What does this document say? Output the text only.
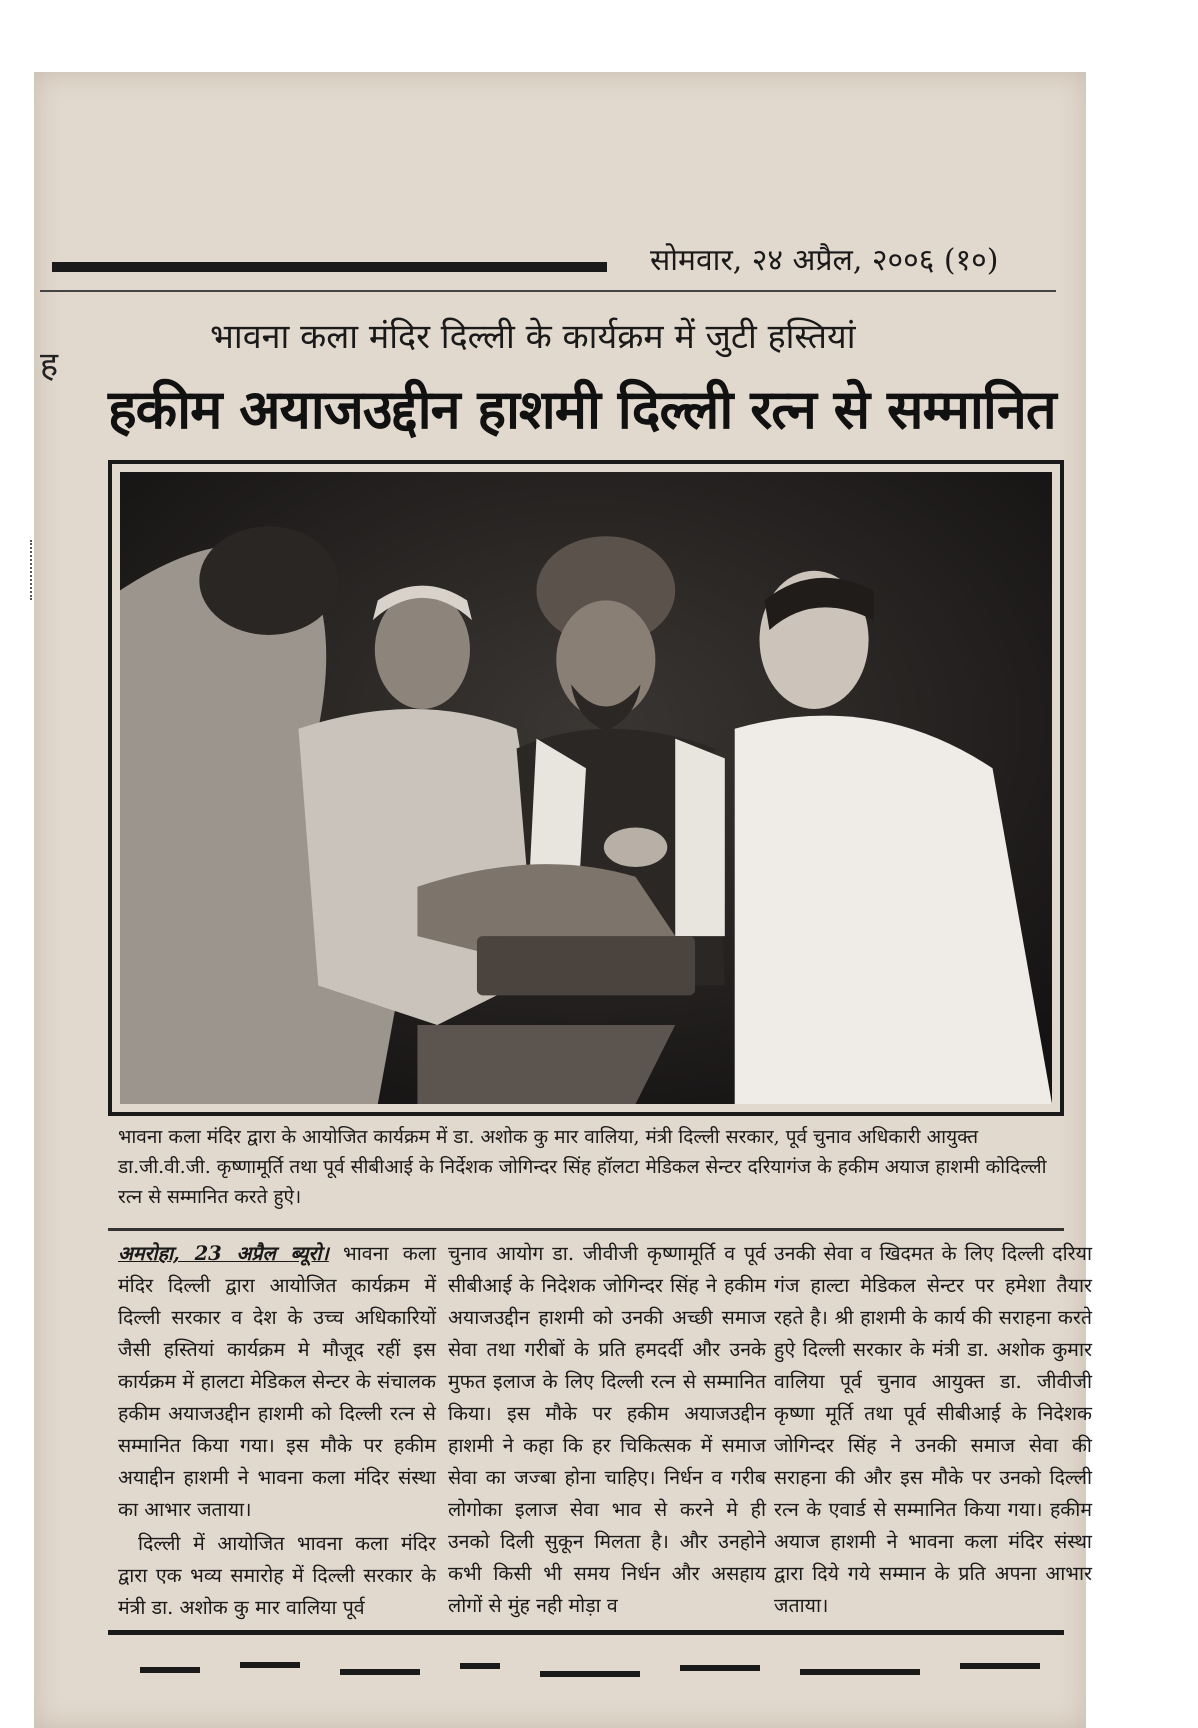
सोमवार, २४ अप्रैल, २००६ (१०)
ह
भावना कला मंदिर दिल्ली के कार्यक्रम में जुटी हस्तियां
हकीम अयाजउद्दीन हाशमी दिल्ली रत्न से सम्मानित
भावना कला मंदिर द्वारा के आयोजित कार्यक्रम में डा. अशोक कु मार वालिया, मंत्री दिल्ली सरकार, पूर्व चुनाव अधिकारी आयुक्त डा.जी.वी.जी. कृष्णामूर्ति तथा पूर्व सीबीआई के निर्देशक जोगिन्दर सिंह हॉलटा मेडिकल सेन्टर दरियागंज के हकीम अयाज हाशमी कोदिल्ली रत्न से सम्मानित करते हुऐ।

अमरोहा, 23 अप्रैल ब्यूरो। भावना कला मंदिर दिल्ली द्वारा आयोजित कार्यक्रम में दिल्ली सरकार व देश के उच्च अधिकारियों जैसी हस्तियां कार्यक्रम मे मौजूद रहीं इस कार्यक्रम में हालटा मेडिकल सेन्टर के संचालक हकीम अयाजउद्दीन हाशमी को दिल्ली रत्न से सम्मानित किया गया। इस मौके पर हकीम अयाद्दीन हाशमी ने भावना कला मंदिर संस्था का आभार जताया।

दिल्ली में आयोजित भावना कला मंदिर द्वारा एक भव्य समारोह में दिल्ली सरकार के मंत्री डा. अशोक कु मार वालिया पूर्व

चुनाव आयोग डा. जीवीजी कृष्णामूर्ति व पूर्व सीबीआई के निदेशक जोगिन्दर सिंह ने हकीम अयाजउद्दीन हाशमी को उनकी अच्छी समाज सेवा तथा गरीबों के प्रति हमदर्दी और उनके मुफत इलाज के लिए दिल्ली रत्न से सम्मानित किया। इस मौके पर हकीम अयाजउद्दीन हाशमी ने कहा कि हर चिकित्सक में समाज सेवा का जज्बा होना चाहिए। निर्धन व गरीब लोगोका इलाज सेवा भाव से करने मे ही उनको दिली सुकून मिलता है। और उनहोने कभी किसी भी समय निर्धन और असहाय लोगों से मुंह नही मोड़ा व

उनकी सेवा व खिदमत के लिए दिल्ली दरिया गंज हाल्टा मेडिकल सेन्टर पर हमेशा तैयार रहते है। श्री हाशमी के कार्य की सराहना करते हुऐ दिल्ली सरकार के मंत्री डा. अशोक कुमार वालिया पूर्व चुनाव आयुक्त डा. जीवीजी कृष्णा मूर्ति तथा पूर्व सीबीआई के निदेशक जोगिन्दर सिंह ने उनकी समाज सेवा की सराहना की और इस मौके पर उनको दिल्ली रत्न के एवार्ड से सम्मानित किया गया। हकीम अयाज हाशमी ने भावना कला मंदिर संस्था द्वारा दिये गये सम्मान के प्रति अपना आभार जताया।
